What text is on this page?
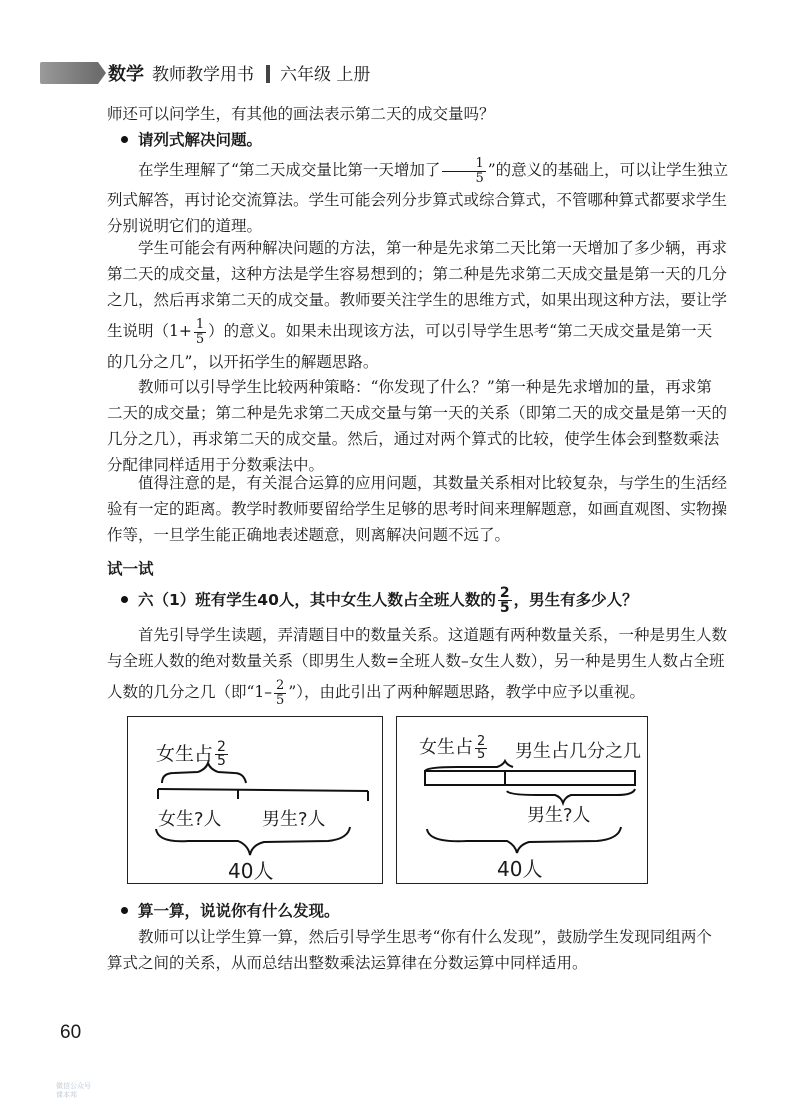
数学 教师教学用书 六年级 上册
师还可以问学生，有其他的画法表示第二天的成交量吗？
请列式解决问题。
在学生理解了“第二天成交量比第一天增加了 $\frac{1}{5}$ ”的意义的基础上，可以让学生独立
列式解答，再讨论交流算法。学生可能会列分步算式或综合算式，不管哪种算式都要求学生
分别说明它们的道理。
学生可能会有两种解决问题的方法，第一种是先求第二天比第一天增加了多少辆，再求
第二天的成交量，这种方法是学生容易想到的；第二种是先求第二天成交量是第一天的几分
之几，然后再求第二天的成交量。教师要关注学生的思维方式，如果出现这种方法，要让学
生说明（$1+ \frac{1}{5}$ ）的意义。如果未出现该方法，可以引导学生思考“第二天成交量是第一天
的几分之几”，以开拓学生的解题思路。
教师可以引导学生比较两种策略：“你发现了什么？”第一种是先求增加的量，再求第
二天的成交量；第二种是先求第二天成交量与第一天的关系（即第二天的成交量是第一天的
几分之几），再求第二天的成交量。然后，通过对两个算式的比较，使学生体会到整数乘法
分配律同样适用于分数乘法中。
值得注意的是，有关混合运算的应用问题，其数量关系相对比较复杂，与学生的生活经
验有一定的距离。教学时教师要留给学生足够的思考时间来理解题意，如画直观图、实物操
作等，一旦学生能正确地表述题意，则离解决问题不远了。
试一试
六（1）班有学生40人，其中女生人数占全班人数的 $\frac{2}{5}$ ，男生有多少人？
首先引导学生读题，弄清题目中的数量关系。这道题有两种数量关系，一种是男生人数
与全班人数的绝对数量关系（即男生人数=全班人数–女生人数），另一种是男生人数占全班
人数的几分之几（即“$1- \frac{2}{5}$ ”），由此引出了两种解题思路，教学中应予以重视。
女生占 $\frac{2}{5}$
女生?人 男生?人
40人
女生占 $\frac{2}{5}$ 男生占几分之几
男生?人
40人
算一算，说说你有什么发现。
教师可以让学生算一算，然后引导学生思考“你有什么发现”，鼓励学生发现同组两个
算式之间的关系，从而总结出整数乘法运算律在分数运算中同样适用。
60
微信公众号
课本邦
